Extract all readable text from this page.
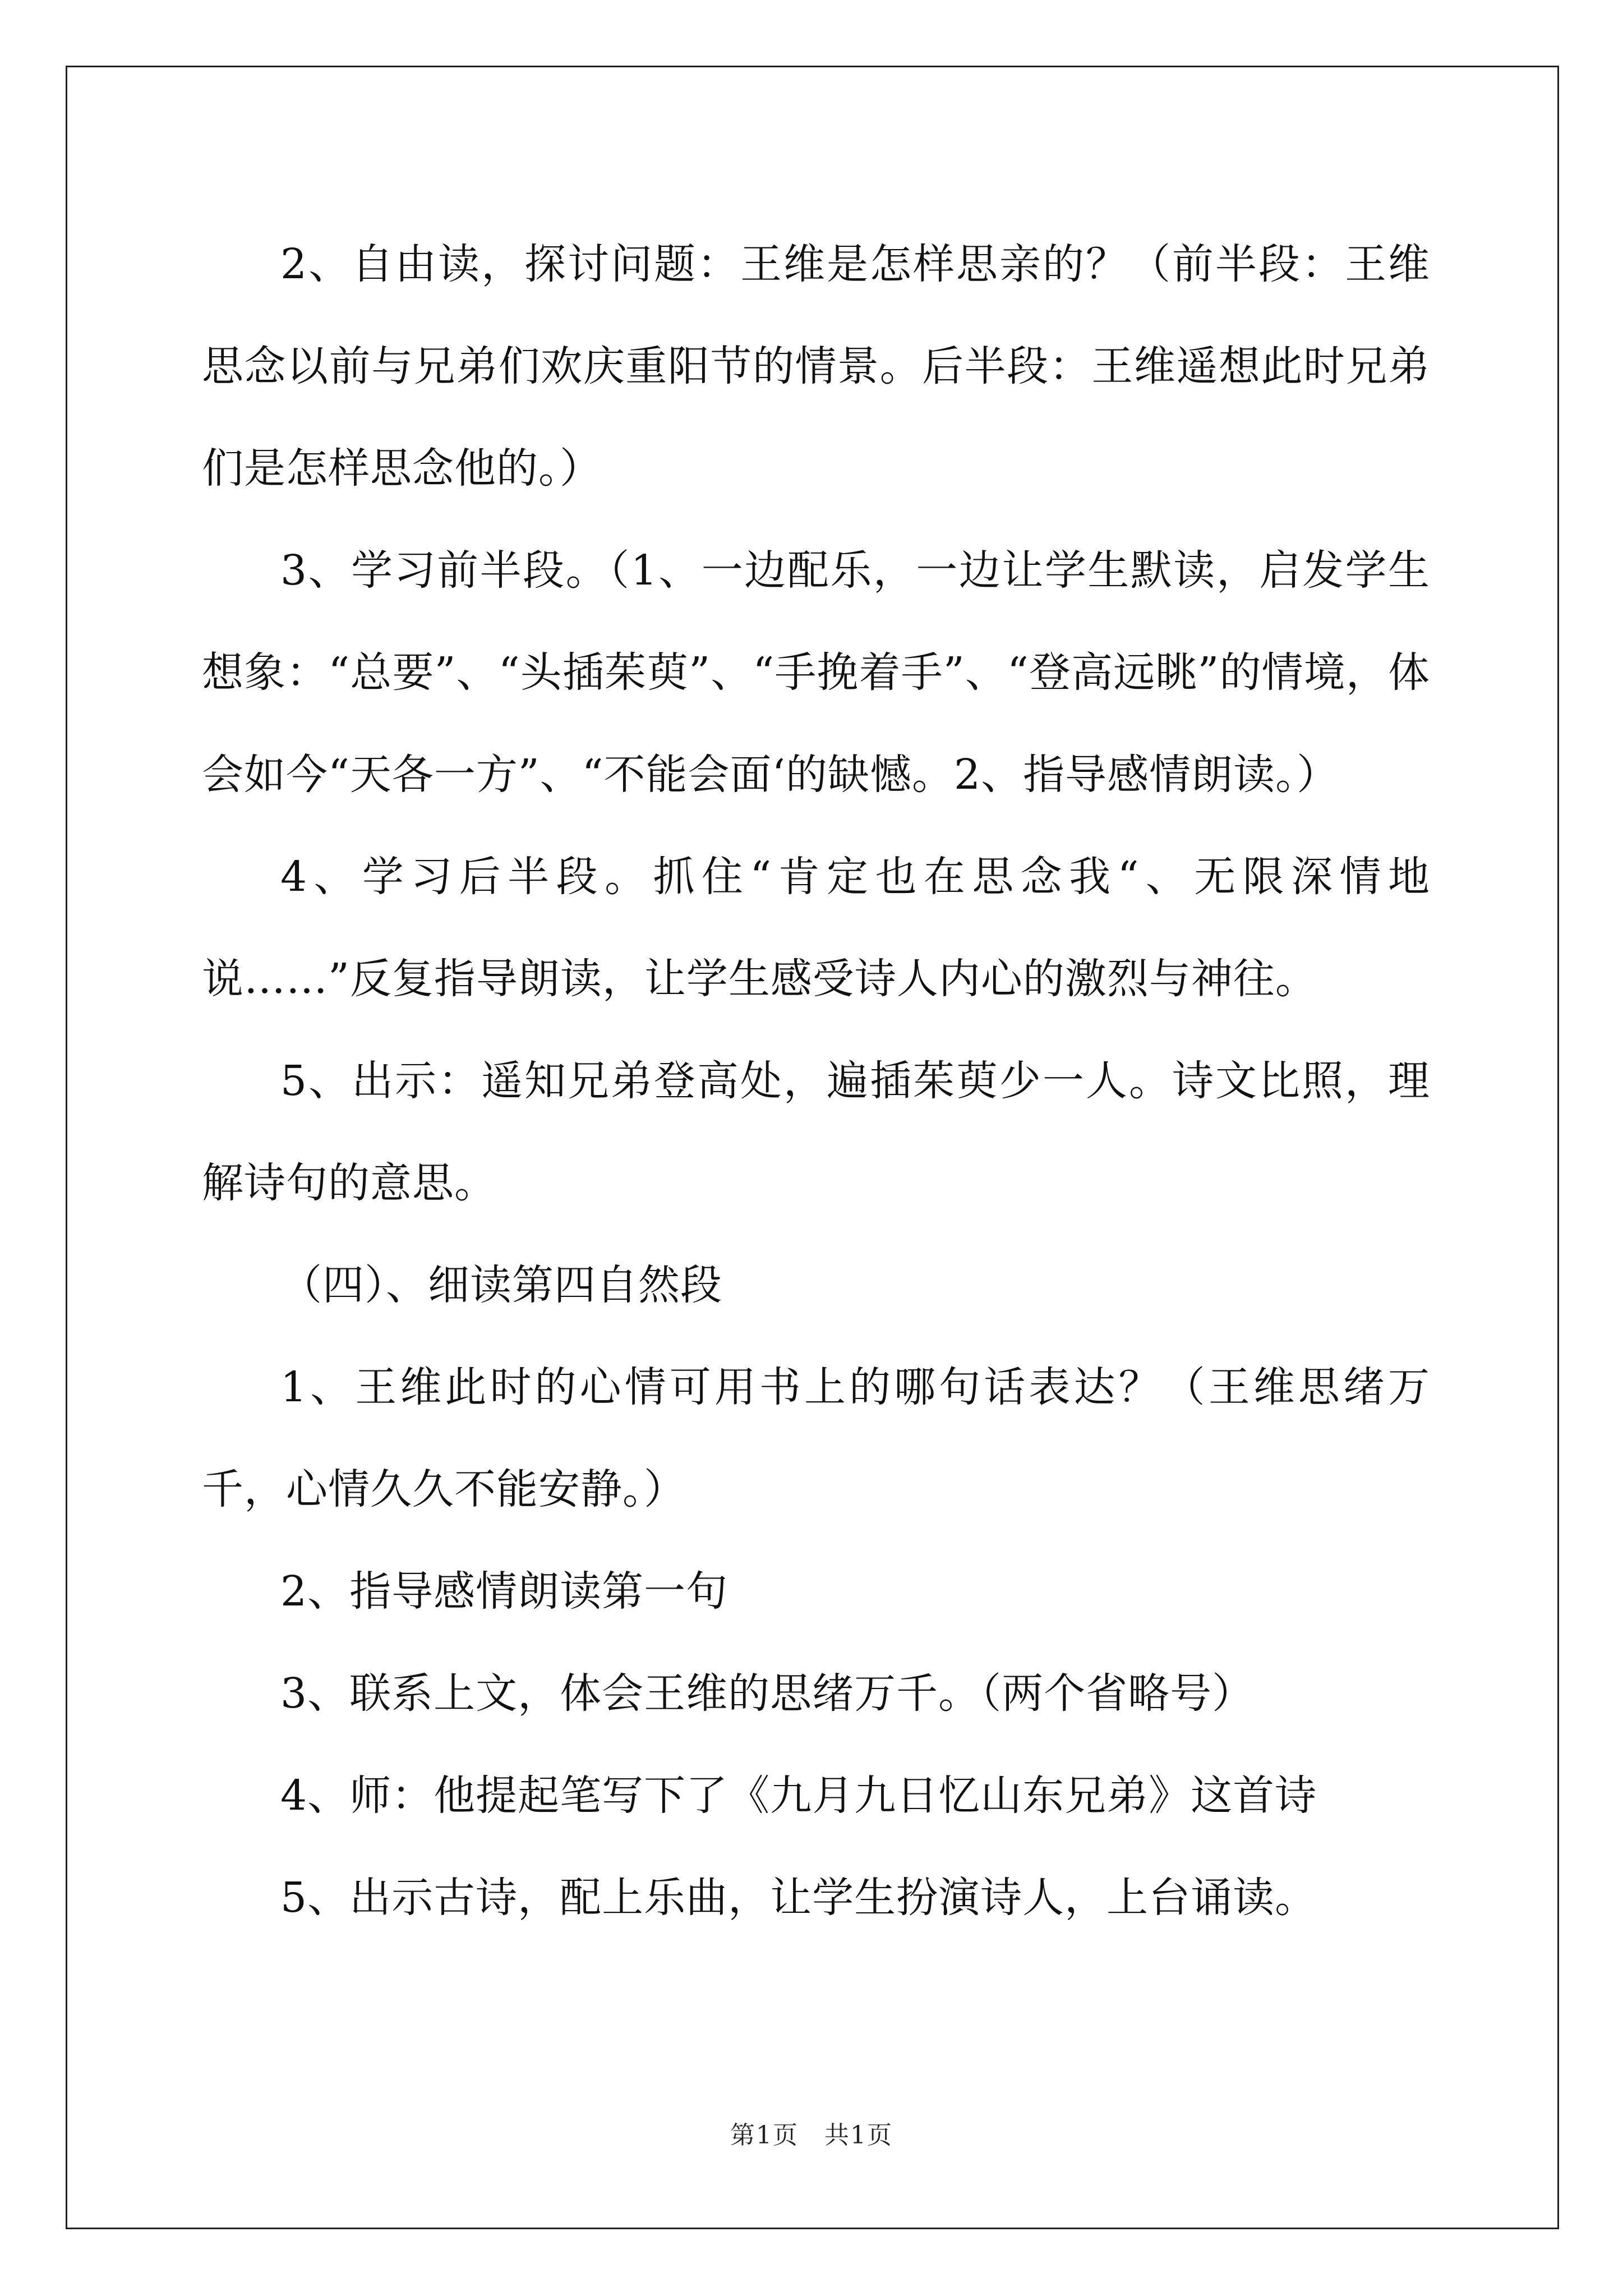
2、自由读，探讨问题：王维是怎样思亲的？（前半段：王维思念以前与兄弟们欢庆重阳节的情景。后半段：王维遥想此时兄弟们是怎样思念他的。）

3、学习前半段。（1、一边配乐，一边让学生默读，启发学生想象：“总要”、“头插茱萸”、“手挽着手”、“登高远眺”的情境，体会如今“天各一方”、“不能会面‘的缺憾。2、指导感情朗读。）

4、学习后半段。抓住“肯定也在思念我“、无限深情地说……”反复指导朗读，让学生感受诗人内心的激烈与神往。

5、出示：遥知兄弟登高处，遍插茱萸少一人。诗文比照，理解诗句的意思。

（四）、细读第四自然段

1、王维此时的心情可用书上的哪句话表达？（王维思绪万千，心情久久不能安静。）

2、指导感情朗读第一句

3、联系上文，体会王维的思绪万千。（两个省略号）

4、师：他提起笔写下了《九月九日忆山东兄弟》这首诗

5、出示古诗，配上乐曲，让学生扮演诗人，上台诵读。

第1页　共1页
